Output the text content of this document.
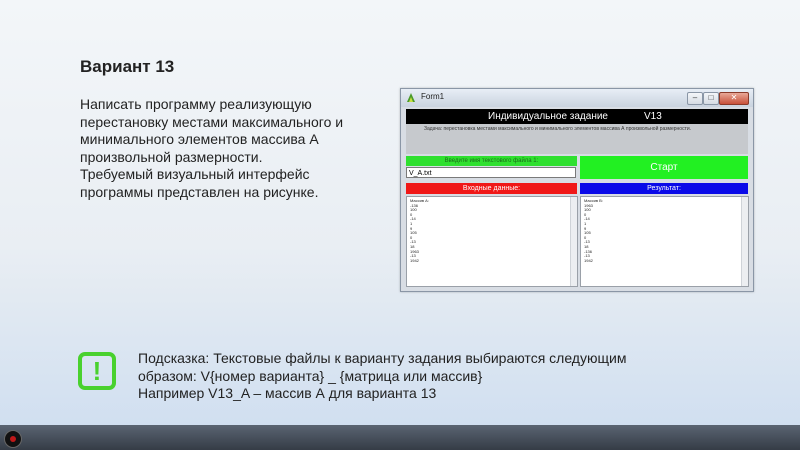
Вариант 13
Написать программу реализующую
перестановку местами максимального и
минимального элементов массива А
произвольной размерности.
Требуемый визуальный интерфейс
программы представлен на рисунке.
Form1	–	□	✕
Индивидуальное задание	V13
Задача: перестановка местами максимального и минимального элементов массива А произвольной размерности.
Введите имя текстового файла 1:
V_A.txt
Старт
Входные данные:	Результат:
Массив A:
-136
100
0
-14
1
9
105
0
-13
18
1963
-13
1942
Массив B:
1963
100
0
-14
1
9
105
0
-13
18
-136
-13
1942
!	Подсказка: Текстовые файлы к варианту задания выбираются следующим
образом: V{номер варианта} _ {матрица или массив}
Например V13_A – массив А для варианта 13
